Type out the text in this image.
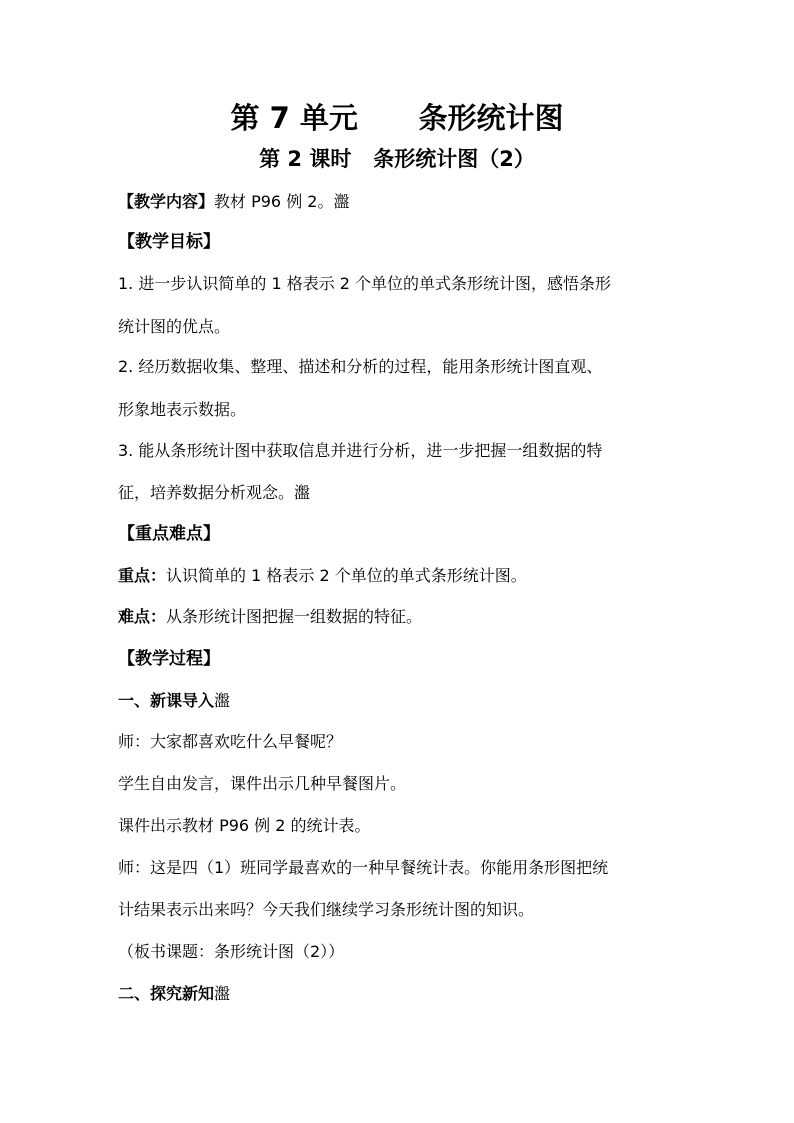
第 7 单元      条形统计图
第 2 课时   条形统计图（2）
【教学内容】教材 P96 例 2。瀊
【教学目标】
1. 进一步认识简单的 1 格表示 2 个单位的单式条形统计图，感悟条形
统计图的优点。
2. 经历数据收集、整理、描述和分析的过程，能用条形统计图直观、
形象地表示数据。
3. 能从条形统计图中获取信息并进行分析，进一步把握一组数据的特
征，培养数据分析观念。瀊
【重点难点】
重点：认识简单的 1 格表示 2 个单位的单式条形统计图。
难点：从条形统计图把握一组数据的特征。
【教学过程】
一、新课导入瀊
师：大家都喜欢吃什么早餐呢？
学生自由发言，课件出示几种早餐图片。
课件出示教材 P96 例 2 的统计表。
师：这是四（1）班同学最喜欢的一种早餐统计表。你能用条形图把统
计结果表示出来吗？今天我们继续学习条形统计图的知识。
（板书课题：条形统计图（2））
二、探究新知瀊
